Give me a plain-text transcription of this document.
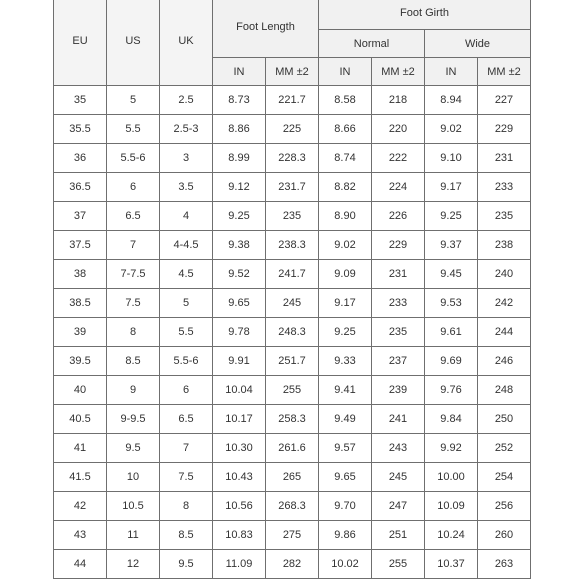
EU	US	UK	Foot Length		Foot Girth			
					Normal		Wide	
			IN	MM ±2	IN	MM ±2	IN	MM ±2
35	5	2.5	8.73	221.7	8.58	218	8.94	227
35.5	5.5	2.5-3	8.86	225	8.66	220	9.02	229
36	5.5-6	3	8.99	228.3	8.74	222	9.10	231
36.5	6	3.5	9.12	231.7	8.82	224	9.17	233
37	6.5	4	9.25	235	8.90	226	9.25	235
37.5	7	4-4.5	9.38	238.3	9.02	229	9.37	238
38	7-7.5	4.5	9.52	241.7	9.09	231	9.45	240
38.5	7.5	5	9.65	245	9.17	233	9.53	242
39	8	5.5	9.78	248.3	9.25	235	9.61	244
39.5	8.5	5.5-6	9.91	251.7	9.33	237	9.69	246
40	9	6	10.04	255	9.41	239	9.76	248
40.5	9-9.5	6.5	10.17	258.3	9.49	241	9.84	250
41	9.5	7	10.30	261.6	9.57	243	9.92	252
41.5	10	7.5	10.43	265	9.65	245	10.00	254
42	10.5	8	10.56	268.3	9.70	247	10.09	256
43	11	8.5	10.83	275	9.86	251	10.24	260
44	12	9.5	11.09	282	10.02	255	10.37	263
